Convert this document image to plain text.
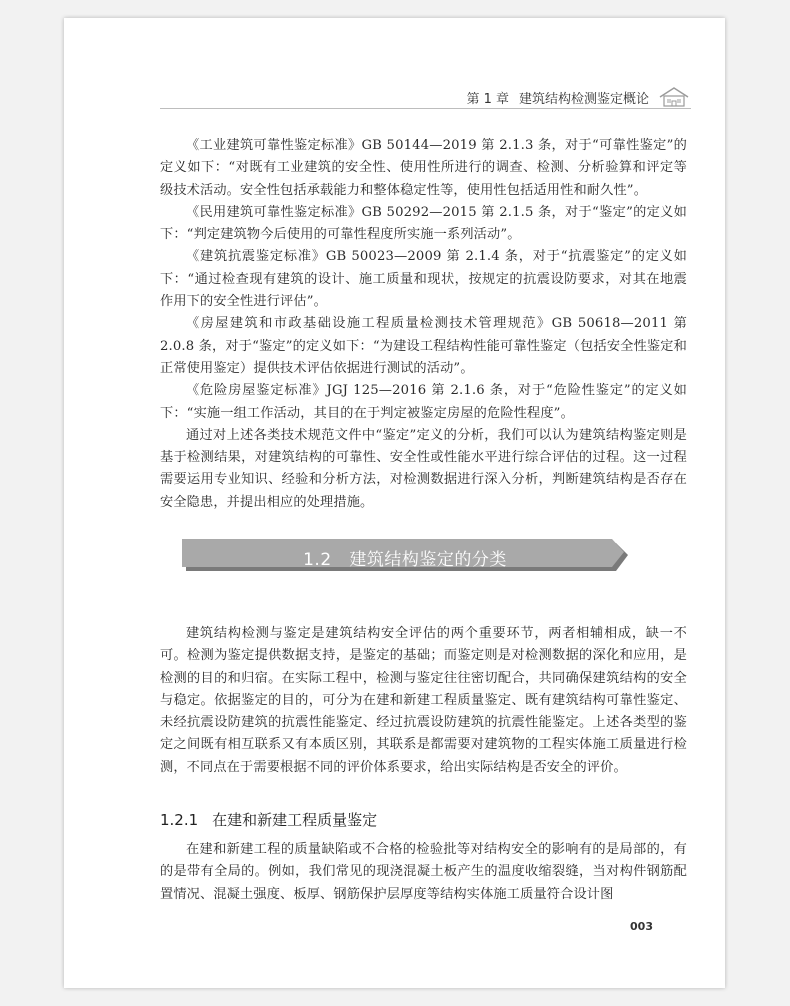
第 1 章 建筑结构检测鉴定概论

《工业建筑可靠性鉴定标准》GB 50144—2019 第 2.1.3 条，对于“可靠性鉴定”的定义如下：“对既有工业建筑的安全性、使用性所进行的调查、检测、分析验算和评定等级技术活动。安全性包括承载能力和整体稳定性等，使用性包括适用性和耐久性”。

《民用建筑可靠性鉴定标准》GB 50292—2015 第 2.1.5 条，对于“鉴定”的定义如下：“判定建筑物今后使用的可靠性程度所实施一系列活动”。

《建筑抗震鉴定标准》GB 50023—2009 第 2.1.4 条，对于“抗震鉴定”的定义如下：“通过检查现有建筑的设计、施工质量和现状，按规定的抗震设防要求，对其在地震作用下的安全性进行评估”。

《房屋建筑和市政基础设施工程质量检测技术管理规范》GB 50618—2011 第 2.0.8 条，对于“鉴定”的定义如下：“为建设工程结构性能可靠性鉴定（包括安全性鉴定和正常使用鉴定）提供技术评估依据进行测试的活动”。

《危险房屋鉴定标准》JGJ 125—2016 第 2.1.6 条，对于“危险性鉴定”的定义如下：“实施一组工作活动，其目的在于判定被鉴定房屋的危险性程度”。

通过对上述各类技术规范文件中“鉴定”定义的分析，我们可以认为建筑结构鉴定则是基于检测结果，对建筑结构的可靠性、安全性或性能水平进行综合评估的过程。这一过程需要运用专业知识、经验和分析方法，对检测数据进行深入分析，判断建筑结构是否存在安全隐患，并提出相应的处理措施。

1.2 建筑结构鉴定的分类

建筑结构检测与鉴定是建筑结构安全评估的两个重要环节，两者相辅相成，缺一不可。检测为鉴定提供数据支持，是鉴定的基础；而鉴定则是对检测数据的深化和应用，是检测的目的和归宿。在实际工程中，检测与鉴定往往密切配合，共同确保建筑结构的安全与稳定。依据鉴定的目的，可分为在建和新建工程质量鉴定、既有建筑结构可靠性鉴定、未经抗震设防建筑的抗震性能鉴定、经过抗震设防建筑的抗震性能鉴定。上述各类型的鉴定之间既有相互联系又有本质区别，其联系是都需要对建筑物的工程实体施工质量进行检测，不同点在于需要根据不同的评价体系要求，给出实际结构是否安全的评价。

1.2.1 在建和新建工程质量鉴定

在建和新建工程的质量缺陷或不合格的检验批等对结构安全的影响有的是局部的，有的是带有全局的。例如，我们常见的现浇混凝土板产生的温度收缩裂缝，当对构件钢筋配置情况、混凝土强度、板厚、钢筋保护层厚度等结构实体施工质量符合设计图

003
